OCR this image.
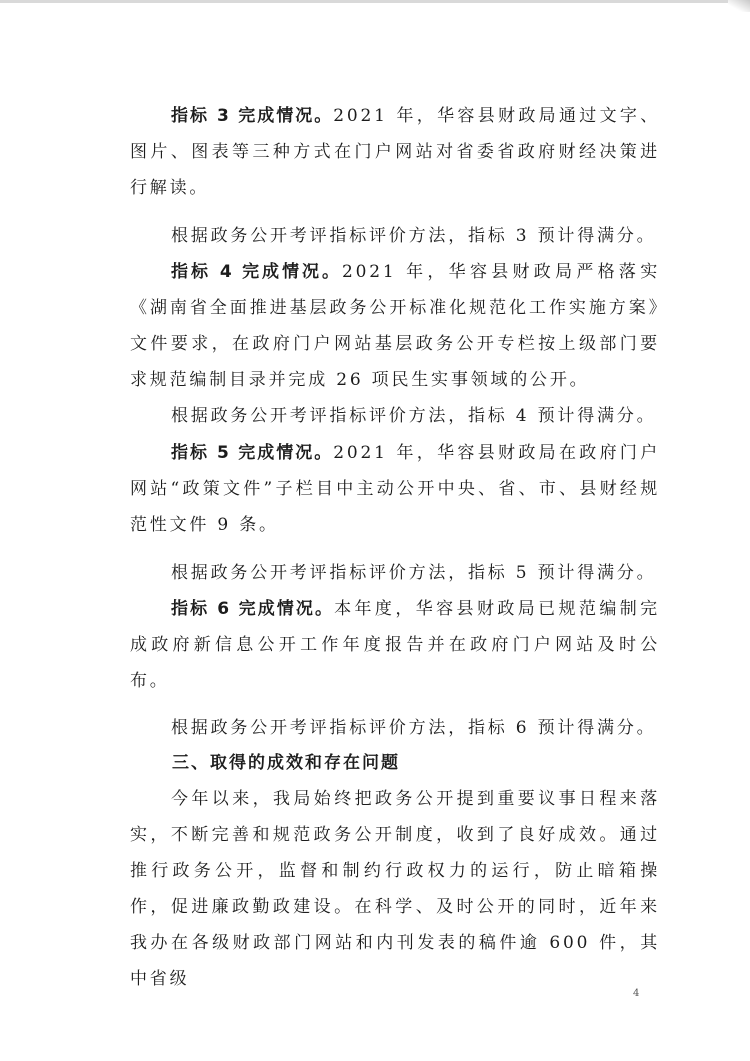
指标 3 完成情况。2021 年，华容县财政局通过文字、图片、图表等三种方式在门户网站对省委省政府财经决策进行解读。

根据政务公开考评指标评价方法，指标 3 预计得满分。

指标 4 完成情况。2021 年，华容县财政局严格落实《湖南省全面推进基层政务公开标准化规范化工作实施方案》文件要求，在政府门户网站基层政务公开专栏按上级部门要求规范编制目录并完成 26 项民生实事领域的公开。

根据政务公开考评指标评价方法，指标 4 预计得满分。

指标 5 完成情况。2021 年，华容县财政局在政府门户网站“政策文件”子栏目中主动公开中央、省、市、县财经规范性文件 9 条。

根据政务公开考评指标评价方法，指标 5 预计得满分。

指标 6 完成情况。本年度，华容县财政局已规范编制完成政府新信息公开工作年度报告并在政府门户网站及时公布。

根据政务公开考评指标评价方法，指标 6 预计得满分。

三、取得的成效和存在问题

今年以来，我局始终把政务公开提到重要议事日程来落实，不断完善和规范政务公开制度，收到了良好成效。通过推行政务公开，监督和制约行政权力的运行，防止暗箱操作，促进廉政勤政建设。在科学、及时公开的同时，近年来我办在各级财政部门网站和内刊发表的稿件逾 600 件，其中省级

4
